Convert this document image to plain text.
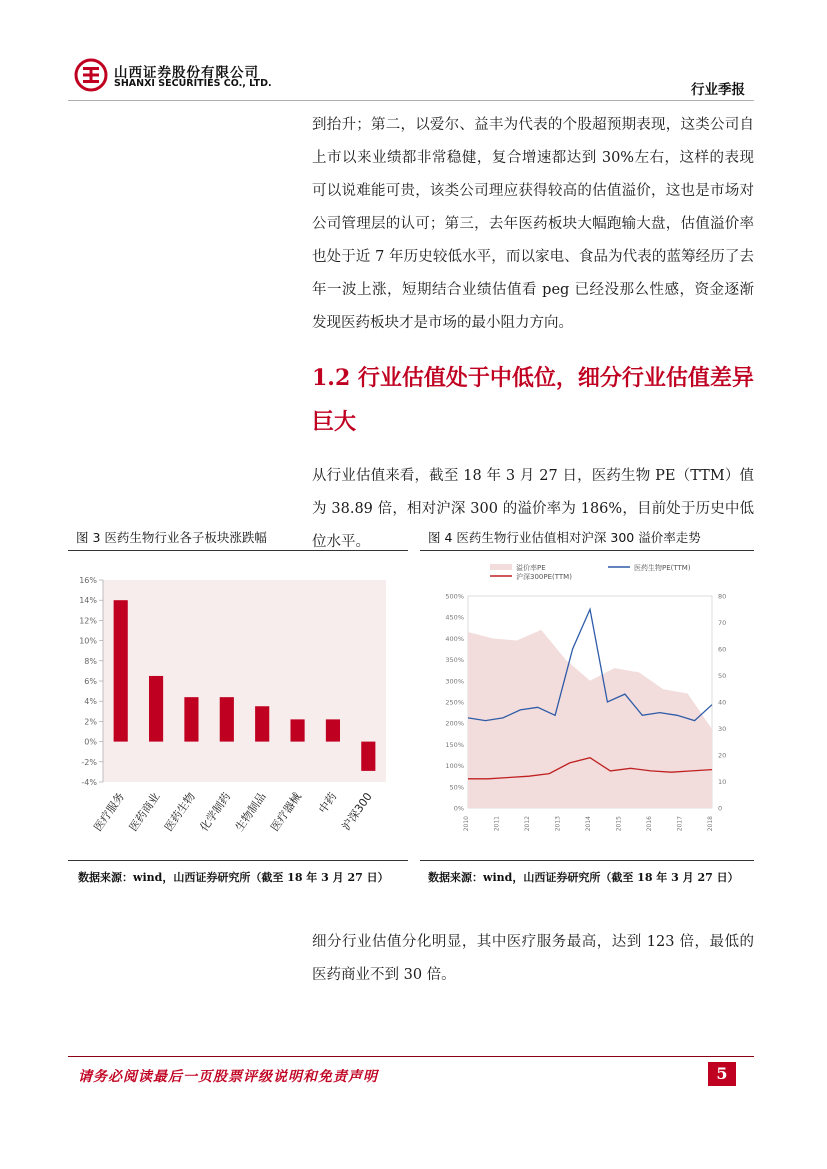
山西证券股份有限公司
SHANXI SECURITIES CO., LTD.	行业季报
到抬升；第二，以爱尔、益丰为代表的个股超预期表现，这类公司自上市以来业绩都非常稳健，复合增速都达到 30%左右，这样的表现可以说难能可贵，该类公司理应获得较高的估值溢价，这也是市场对公司管理层的认可；第三，去年医药板块大幅跑输大盘，估值溢价率也处于近 7 年历史较低水平，而以家电、食品为代表的蓝筹经历了去年一波上涨，短期结合业绩估值看 peg 已经没那么性感，资金逐渐发现医药板块才是市场的最小阻力方向。
1.2 行业估值处于中低位，细分行业估值差异巨大
从行业估值来看，截至 18 年 3 月 27 日，医药生物 PE（TTM）值为 38.89 倍，相对沪深 300 的溢价率为 186%，目前处于历史中低位水平。
图 3 医药生物行业各子板块涨跌幅
-4%
-2%
0%
2%
4%
6%
8%
10%
12%
14%
16%
医疗服务 医药商业 医药生物 化学制药 生物制品 医疗器械 中药 沪深300
数据来源：wind，山西证券研究所（截至 18 年 3 月 27 日）
图 4 医药生物行业估值相对沪深 300 溢价率走势
溢价率PE	医药生物PE(TTM)
沪深300PE(TTM)
0%
50%
100%
150%
200%
250%
300%
350%
400%
450%
500%
0
10
20
30
40
50
60
70
80
2010	2011	2012	2013	2014	2015	2016	2017	2018
数据来源：wind，山西证券研究所（截至 18 年 3 月 27 日）
细分行业估值分化明显，其中医疗服务最高，达到 123 倍，最低的医药商业不到 30 倍。
请务必阅读最后一页股票评级说明和免责声明	5
